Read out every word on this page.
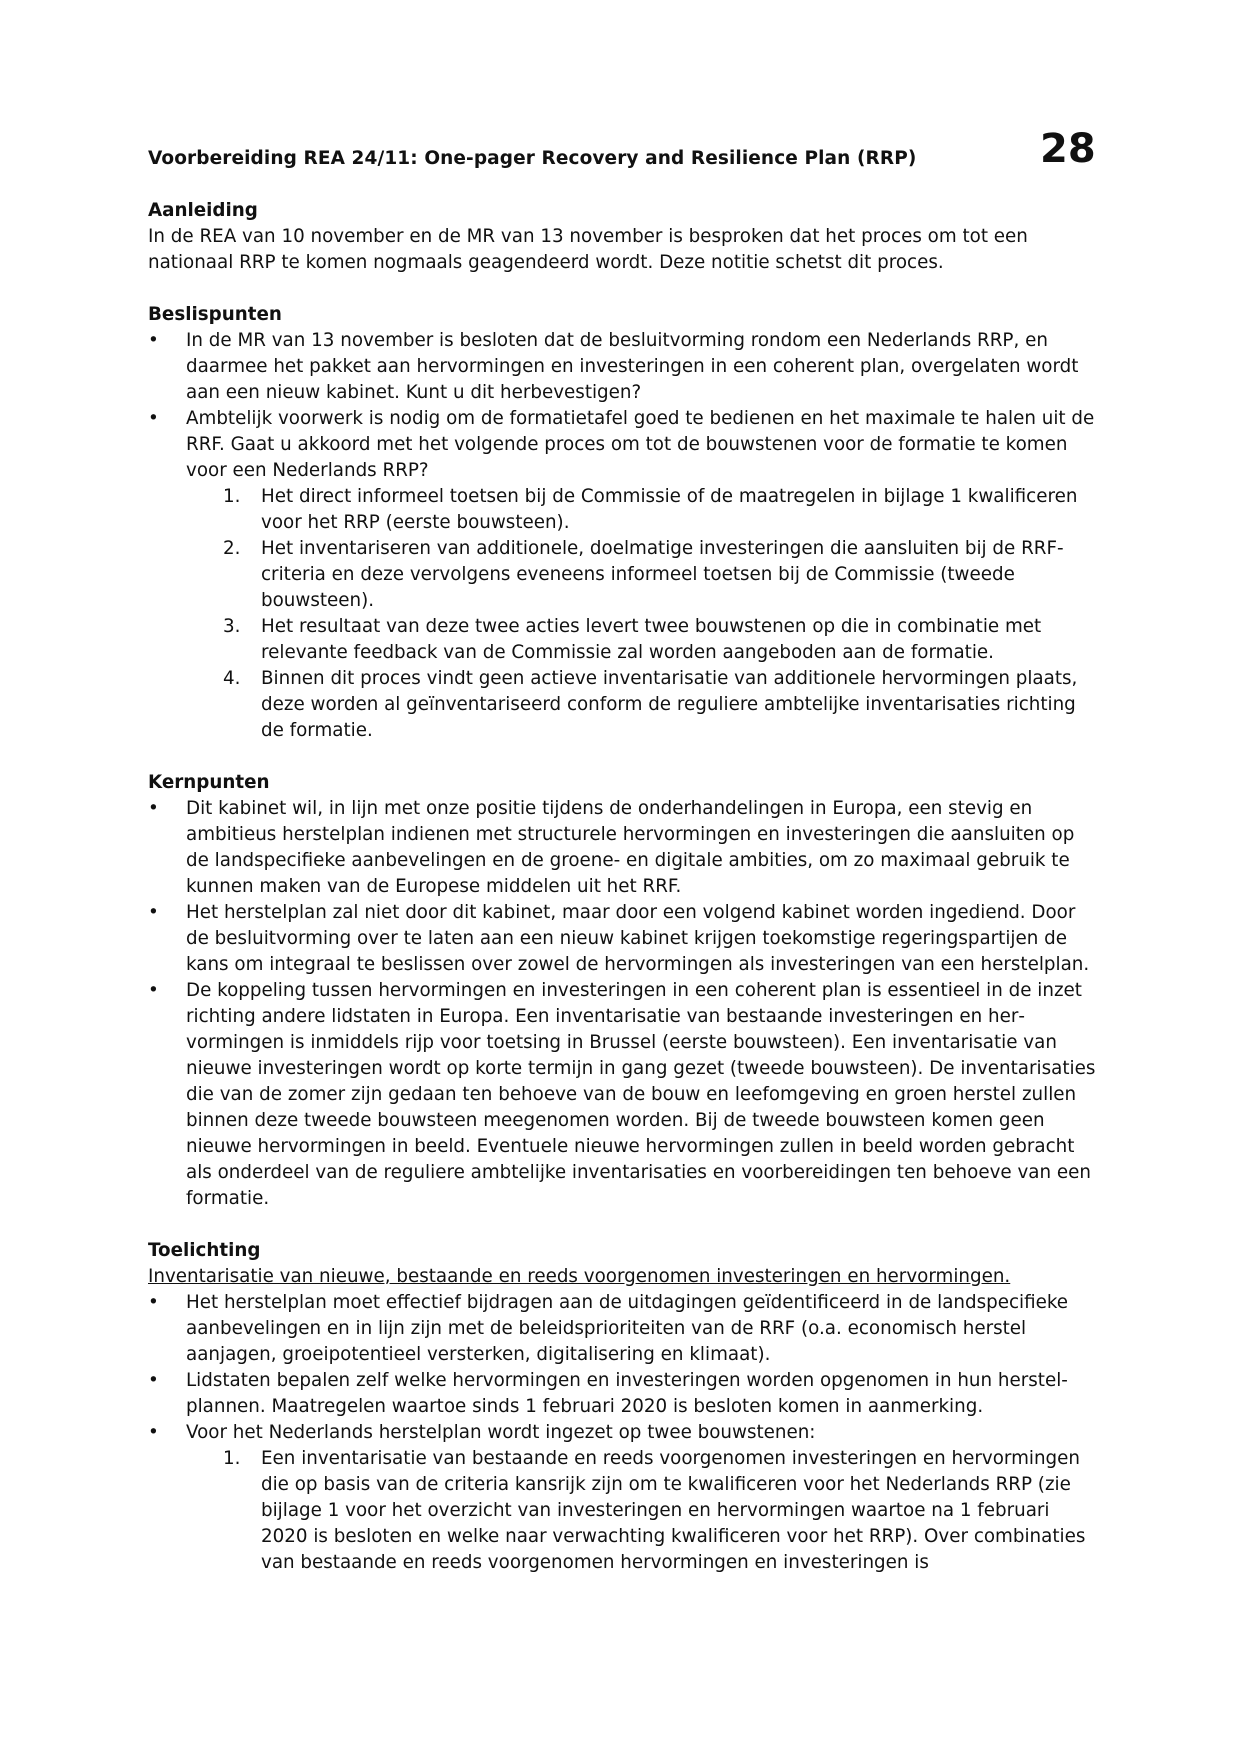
Voorbereiding REA 24/11: One-pager Recovery and Resilience Plan (RRP)	28

Aanleiding

In de REA van 10 november en de MR van 13 november is besproken dat het proces om tot een nationaal RRP te komen nogmaals geagendeerd wordt. Deze notitie schetst dit proces.

Beslispunten

•	In de MR van 13 november is besloten dat de besluitvorming rondom een Nederlands RRP, en daarmee het pakket aan hervormingen en investeringen in een coherent plan, overgelaten wordt aan een nieuw kabinet. Kunt u dit herbevestigen?
•	Ambtelijk voorwerk is nodig om de formatietafel goed te bedienen en het maximale te halen uit de RRF. Gaat u akkoord met het volgende proces om tot de bouwstenen voor de formatie te komen voor een Nederlands RRP?
1.	Het direct informeel toetsen bij de Commissie of de maatregelen in bijlage 1 kwalificeren voor het RRP (eerste bouwsteen).
2.	Het inventariseren van additionele, doelmatige investeringen die aansluiten bij de RRF-criteria en deze vervolgens eveneens informeel toetsen bij de Commissie (tweede bouwsteen).
3.	Het resultaat van deze twee acties levert twee bouwstenen op die in combinatie met relevante feedback van de Commissie zal worden aangeboden aan de formatie.
4.	Binnen dit proces vindt geen actieve inventarisatie van additionele hervormingen plaats, deze worden al geïnventariseerd conform de reguliere ambtelijke inventarisaties richting de formatie.

Kernpunten

•	Dit kabinet wil, in lijn met onze positie tijdens de onderhandelingen in Europa, een stevig en ambitieus herstelplan indienen met structurele hervormingen en investeringen die aansluiten op de landspecifieke aanbevelingen en de groene- en digitale ambities, om zo maximaal gebruik te kunnen maken van de Europese middelen uit het RRF.
•	Het herstelplan zal niet door dit kabinet, maar door een volgend kabinet worden ingediend. Door de besluitvorming over te laten aan een nieuw kabinet krijgen toekomstige regeringspartijen de kans om integraal te beslissen over zowel de hervormingen als investeringen van een herstelplan.
•	De koppeling tussen hervormingen en investeringen in een coherent plan is essentieel in de inzet richting andere lidstaten in Europa. Een inventarisatie van bestaande investeringen en hervormingen is inmiddels rijp voor toetsing in Brussel (eerste bouwsteen). Een inventarisatie van nieuwe investeringen wordt op korte termijn in gang gezet (tweede bouwsteen). De inventarisaties die van de zomer zijn gedaan ten behoeve van de bouw en leefomgeving en groen herstel zullen binnen deze tweede bouwsteen meegenomen worden. Bij de tweede bouwsteen komen geen nieuwe hervormingen in beeld. Eventuele nieuwe hervormingen zullen in beeld worden gebracht als onderdeel van de reguliere ambtelijke inventarisaties en voorbereidingen ten behoeve van een formatie.

Toelichting

Inventarisatie van nieuwe, bestaande en reeds voorgenomen investeringen en hervormingen.

•	Het herstelplan moet effectief bijdragen aan de uitdagingen geïdentificeerd in de landspecifieke aanbevelingen en in lijn zijn met de beleidsprioriteiten van de RRF (o.a. economisch herstel aanjagen, groeipotentieel versterken, digitalisering en klimaat).
•	Lidstaten bepalen zelf welke hervormingen en investeringen worden opgenomen in hun herstelplannen. Maatregelen waartoe sinds 1 februari 2020 is besloten komen in aanmerking.
•	Voor het Nederlands herstelplan wordt ingezet op twee bouwstenen:
1.	Een inventarisatie van bestaande en reeds voorgenomen investeringen en hervormingen die op basis van de criteria kansrijk zijn om te kwalificeren voor het Nederlands RRP (zie bijlage 1 voor het overzicht van investeringen en hervormingen waartoe na 1 februari 2020 is besloten en welke naar verwachting kwalificeren voor het RRP). Over combinaties van bestaande en reeds voorgenomen hervormingen en investeringen is
